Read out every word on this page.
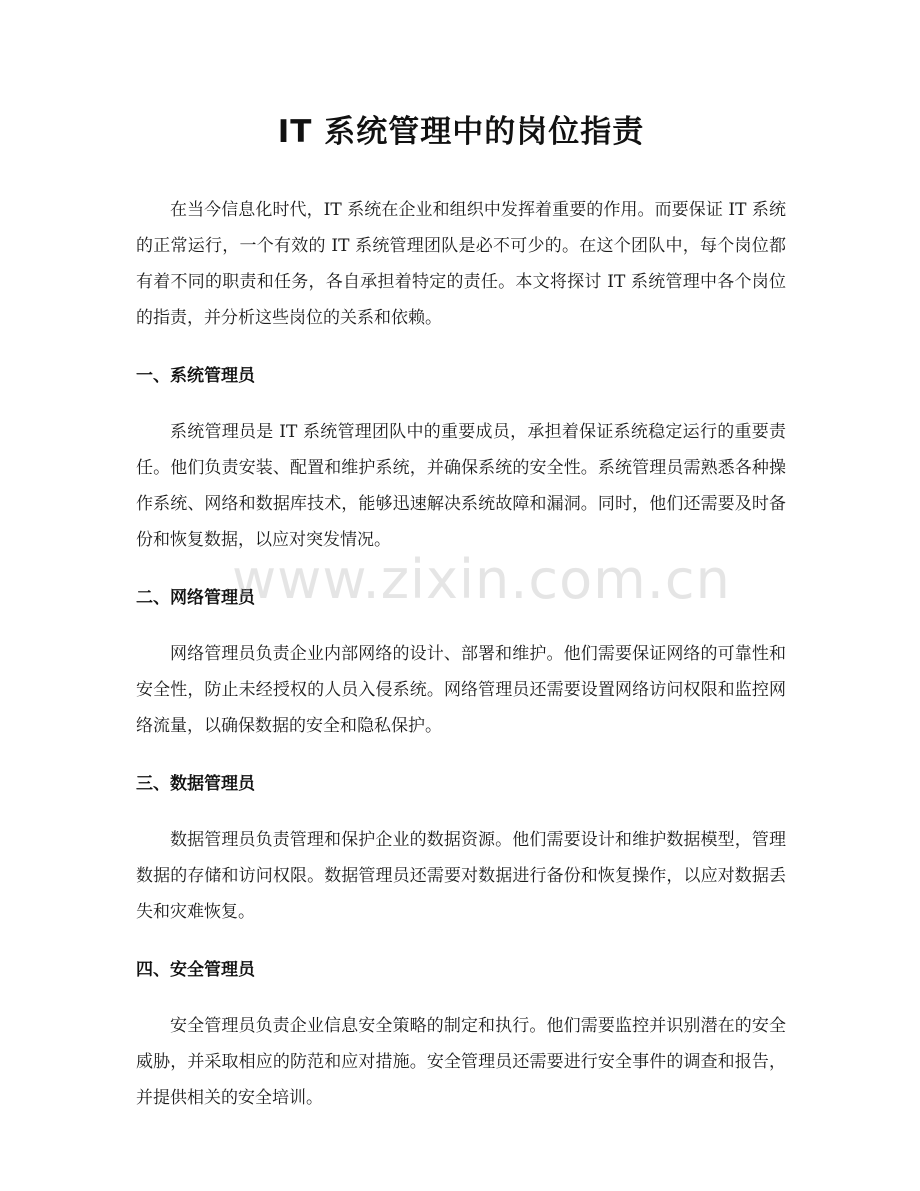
IT 系统管理中的岗位指责

在当今信息化时代，IT 系统在企业和组织中发挥着重要的作用。而要保证 IT 系统的正常运行，一个有效的 IT 系统管理团队是必不可少的。在这个团队中，每个岗位都有着不同的职责和任务，各自承担着特定的责任。本文将探讨 IT 系统管理中各个岗位的指责，并分析这些岗位的关系和依赖。

一、系统管理员

系统管理员是 IT 系统管理团队中的重要成员，承担着保证系统稳定运行的重要责任。他们负责安装、配置和维护系统，并确保系统的安全性。系统管理员需熟悉各种操作系统、网络和数据库技术，能够迅速解决系统故障和漏洞。同时，他们还需要及时备份和恢复数据，以应对突发情况。

二、网络管理员

网络管理员负责企业内部网络的设计、部署和维护。他们需要保证网络的可靠性和安全性，防止未经授权的人员入侵系统。网络管理员还需要设置网络访问权限和监控网络流量，以确保数据的安全和隐私保护。

三、数据管理员

数据管理员负责管理和保护企业的数据资源。他们需要设计和维护数据模型，管理数据的存储和访问权限。数据管理员还需要对数据进行备份和恢复操作，以应对数据丢失和灾难恢复。

四、安全管理员

安全管理员负责企业信息安全策略的制定和执行。他们需要监控并识别潜在的安全威胁，并采取相应的防范和应对措施。安全管理员还需要进行安全事件的调查和报告，并提供相关的安全培训。

www.zixin.com.cn
